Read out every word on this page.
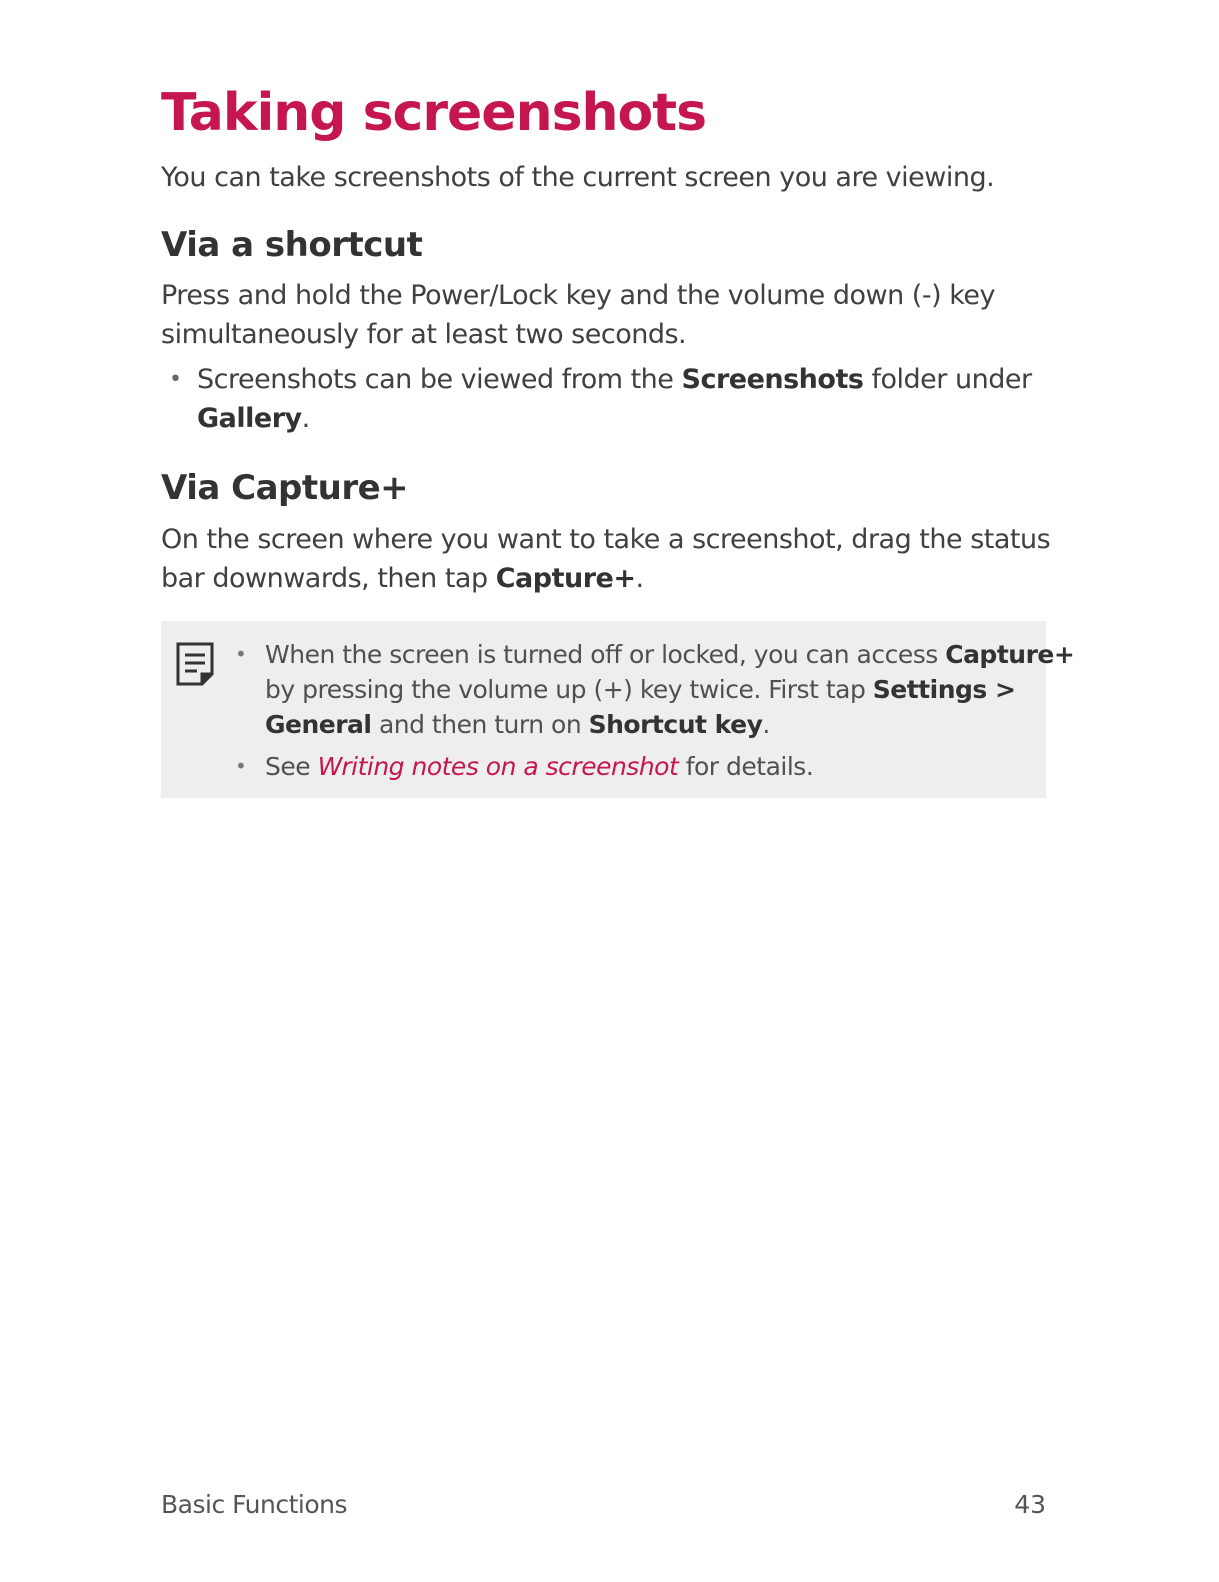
Taking screenshots

You can take screenshots of the current screen you are viewing.

Via a shortcut

Press and hold the Power/Lock key and the volume down (-) key
simultaneously for at least two seconds.

• Screenshots can be viewed from the Screenshots folder under
Gallery.
Via Capture+

On the screen where you want to take a screenshot, drag the status
bar downwards, then tap Capture+.

• When the screen is turned off or locked, you can access Capture+
by pressing the volume up (+) key twice. First tap Settings >
General and then turn on Shortcut key.
• See Writing notes on a screenshot for details.
Basic Functions	43
